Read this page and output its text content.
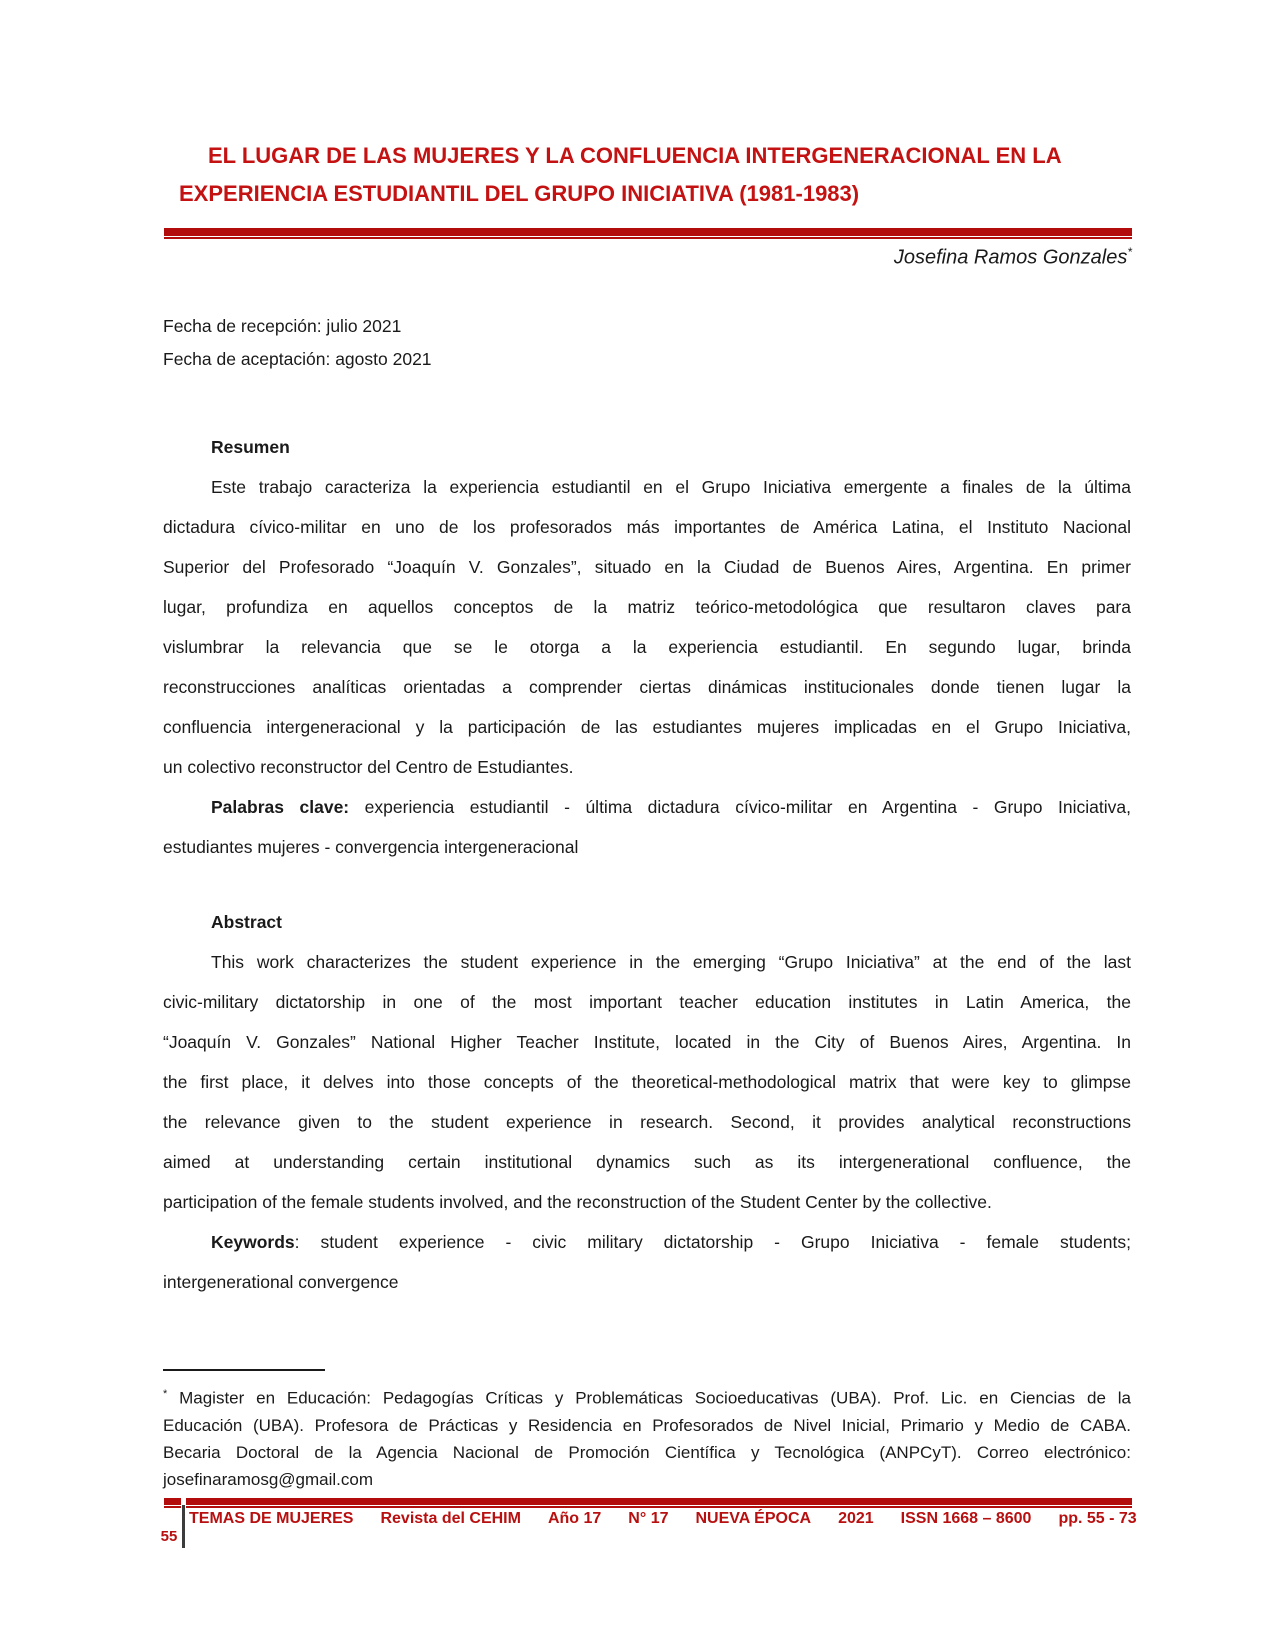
EL LUGAR DE LAS MUJERES Y LA CONFLUENCIA INTERGENERACIONAL EN LA
EXPERIENCIA ESTUDIANTIL DEL GRUPO INICIATIVA (1981-1983)
Josefina Ramos Gonzales*
Fecha de recepción: julio 2021
Fecha de aceptación: agosto 2021
Resumen
Este trabajo caracteriza la experiencia estudiantil en el Grupo Iniciativa emergente a finales de la última
dictadura cívico-militar en uno de los profesorados más importantes de América Latina, el Instituto Nacional
Superior del Profesorado “Joaquín V. Gonzales”, situado en la Ciudad de Buenos Aires, Argentina. En primer
lugar, profundiza en aquellos conceptos de la matriz teórico-metodológica que resultaron claves para
vislumbrar la relevancia que se le otorga a la experiencia estudiantil. En segundo lugar, brinda
reconstrucciones analíticas orientadas a comprender ciertas dinámicas institucionales donde tienen lugar la
confluencia intergeneracional y la participación de las estudiantes mujeres implicadas en el Grupo Iniciativa,
un colectivo reconstructor del Centro de Estudiantes.
Palabras clave: experiencia estudiantil - última dictadura cívico-militar en Argentina - Grupo Iniciativa,
estudiantes mujeres - convergencia intergeneracional
Abstract
This work characterizes the student experience in the emerging “Grupo Iniciativa” at the end of the last
civic-military dictatorship in one of the most important teacher education institutes in Latin America, the
“Joaquín V. Gonzales” National Higher Teacher Institute, located in the City of Buenos Aires, Argentina. In
the first place, it delves into those concepts of the theoretical-methodological matrix that were key to glimpse
the relevance given to the student experience in research. Second, it provides analytical reconstructions
aimed at understanding certain institutional dynamics such as its intergenerational confluence, the
participation of the female students involved, and the reconstruction of the Student Center by the collective.
Keywords: student experience - civic military dictatorship - Grupo Iniciativa - female students;
intergenerational convergence
* Magister en Educación: Pedagogías Críticas y Problemáticas Socioeducativas (UBA). Prof. Lic. en Ciencias de la
Educación (UBA). Profesora de Prácticas y Residencia en Profesorados de Nivel Inicial, Primario y Medio de CABA.
Becaria Doctoral de la Agencia Nacional de Promoción Científica y Tecnológica (ANPCyT). Correo electrónico:
josefinaramosg@gmail.com
55
TEMAS DE MUJERES Revista del CEHIM Año 17 N° 17 NUEVA ÉPOCA 2021 ISSN 1668 – 8600 pp. 55 - 73
